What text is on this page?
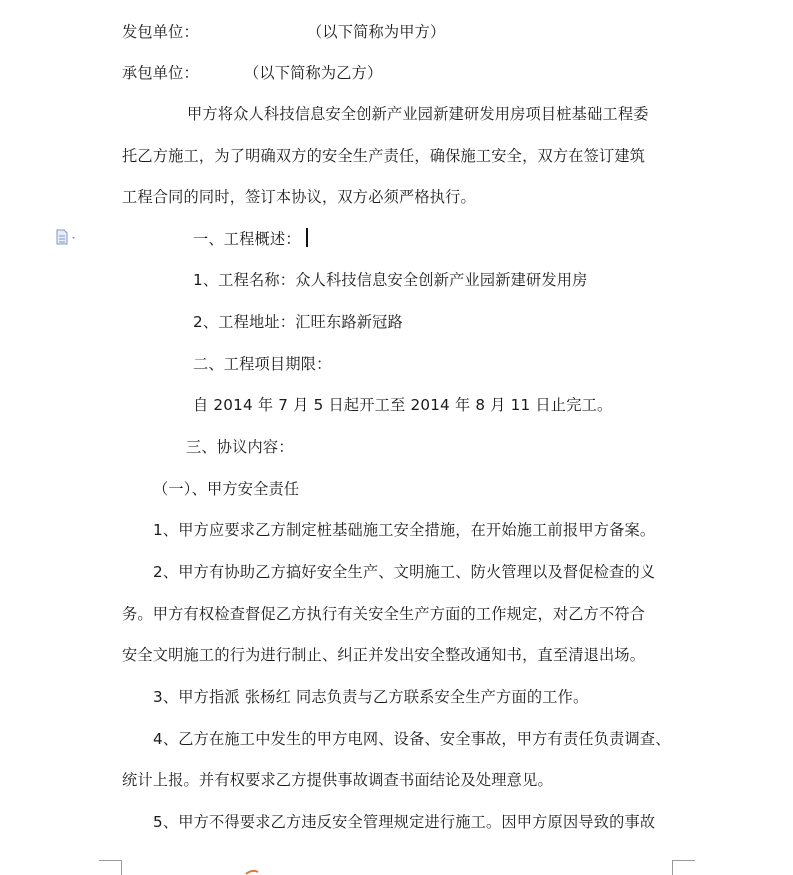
发包单位：	（以下简称为甲方）
承包单位：	（以下简称为乙方）
甲方将众人科技信息安全创新产业园新建研发用房项目桩基础工程委
托乙方施工，为了明确双方的安全生产责任，确保施工安全，双方在签订建筑
工程合同的同时，签订本协议，双方必须严格执行。
一、工程概述：
1、工程名称：众人科技信息安全创新产业园新建研发用房
2、工程地址：汇旺东路新冠路
二、工程项目期限：
自 2014 年 7 月 5 日起开工至 2014 年 8 月 11 日止完工。
三、协议内容：
（一）、甲方安全责任
1、甲方应要求乙方制定桩基础施工安全措施，在开始施工前报甲方备案。
2、甲方有协助乙方搞好安全生产、文明施工、防火管理以及督促检查的义
务。甲方有权检查督促乙方执行有关安全生产方面的工作规定，对乙方不符合
安全文明施工的行为进行制止、纠正并发出安全整改通知书，直至清退出场。
3、甲方指派 张杨红 同志负责与乙方联系安全生产方面的工作。
4、乙方在施工中发生的甲方电网、设备、安全事故，甲方有责任负责调查、
统计上报。并有权要求乙方提供事故调查书面结论及处理意见。
5、甲方不得要求乙方违反安全管理规定进行施工。因甲方原因导致的事故
